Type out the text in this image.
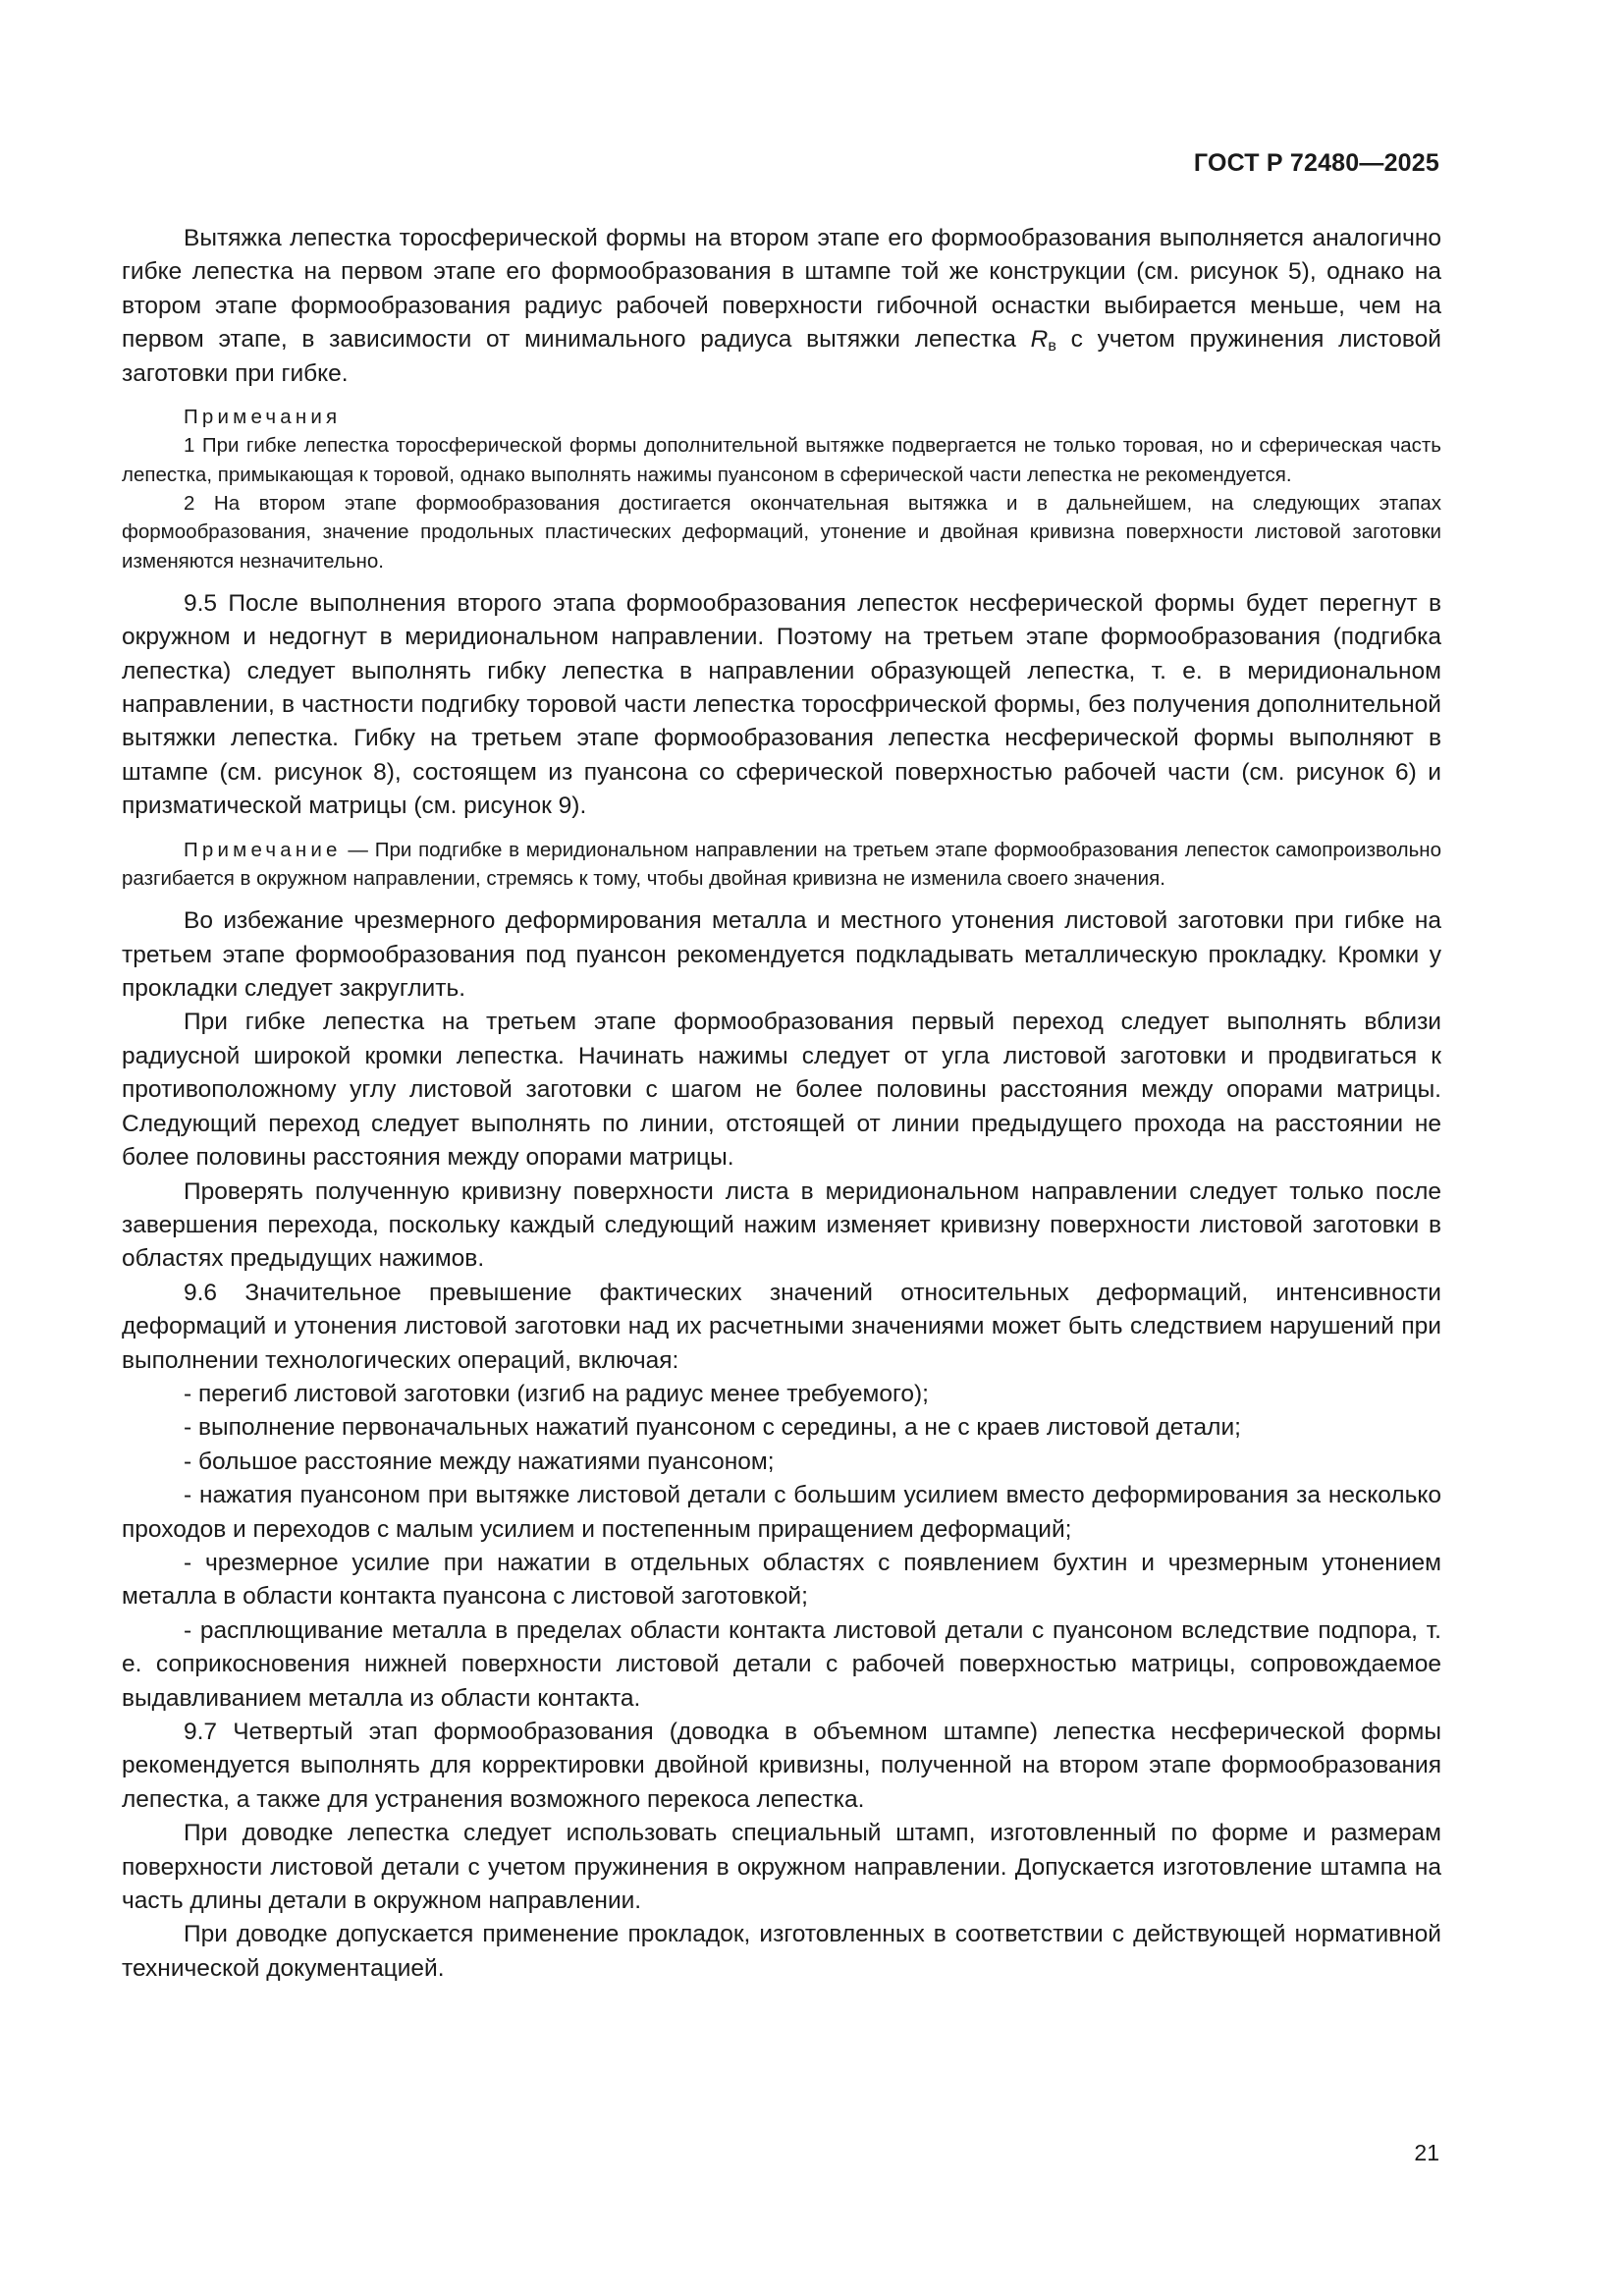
ГОСТ Р 72480—2025

Вытяжка лепестка торосферической формы на втором этапе его формообразования выполняется аналогично гибке лепестка на первом этапе его формообразования в штампе той же конструкции (см. рисунок 5), однако на втором этапе формообразования радиус рабочей поверхности гибочной оснастки выбирается меньше, чем на первом этапе, в зависимости от минимального радиуса вытяжки лепестка $R_в$ с учетом пружинения листовой заготовки при гибке.

Примечания

1 При гибке лепестка торосферической формы дополнительной вытяжке подвергается не только торовая, но и сферическая часть лепестка, примыкающая к торовой, однако выполнять нажимы пуансоном в сферической части лепестка не рекомендуется.

2 На втором этапе формообразования достигается окончательная вытяжка и в дальнейшем, на следующих этапах формообразования, значение продольных пластических деформаций, утонение и двойная кривизна поверхности листовой заготовки изменяются незначительно.

9.5 После выполнения второго этапа формообразования лепесток несферической формы будет перегнут в окружном и недогнут в меридиональном направлении. Поэтому на третьем этапе формообразования (подгибка лепестка) следует выполнять гибку лепестка в направлении образующей лепестка, т. е. в меридиональном направлении, в частности подгибку торовой части лепестка торосфрической формы, без получения дополнительной вытяжки лепестка. Гибку на третьем этапе формообразования лепестка несферической формы выполняют в штампе (см. рисунок 8), состоящем из пуансона со сферической поверхностью рабочей части (см. рисунок 6) и призматической матрицы (см. рисунок 9).

Примечание — При подгибке в меридиональном направлении на третьем этапе формообразования лепесток самопроизвольно разгибается в окружном направлении, стремясь к тому, чтобы двойная кривизна не изменила своего значения.

Во избежание чрезмерного деформирования металла и местного утонения листовой заготовки при гибке на третьем этапе формообразования под пуансон рекомендуется подкладывать металлическую прокладку. Кромки у прокладки следует закруглить.

При гибке лепестка на третьем этапе формообразования первый переход следует выполнять вблизи радиусной широкой кромки лепестка. Начинать нажимы следует от угла листовой заготовки и продвигаться к противоположному углу листовой заготовки с шагом не более половины расстояния между опорами матрицы. Следующий переход следует выполнять по линии, отстоящей от линии предыдущего прохода на расстоянии не более половины расстояния между опорами матрицы.

Проверять полученную кривизну поверхности листа в меридиональном направлении следует только после завершения перехода, поскольку каждый следующий нажим изменяет кривизну поверхности листовой заготовки в областях предыдущих нажимов.

9.6 Значительное превышение фактических значений относительных деформаций, интенсивности деформаций и утонения листовой заготовки над их расчетными значениями может быть следствием нарушений при выполнении технологических операций, включая:

- перегиб листовой заготовки (изгиб на радиус менее требуемого);

- выполнение первоначальных нажатий пуансоном с середины, а не с краев листовой детали;

- большое расстояние между нажатиями пуансоном;

- нажатия пуансоном при вытяжке листовой детали с большим усилием вместо деформирования за несколько проходов и переходов с малым усилием и постепенным приращением деформаций;

- чрезмерное усилие при нажатии в отдельных областях с появлением бухтин и чрезмерным утонением металла в области контакта пуансона с листовой заготовкой;

- расплющивание металла в пределах области контакта листовой детали с пуансоном вследствие подпора, т. е. соприкосновения нижней поверхности листовой детали с рабочей поверхностью матрицы, сопровождаемое выдавливанием металла из области контакта.

9.7 Четвертый этап формообразования (доводка в объемном штампе) лепестка несферической формы рекомендуется выполнять для корректировки двойной кривизны, полученной на втором этапе формообразования лепестка, а также для устранения возможного перекоса лепестка.

При доводке лепестка следует использовать специальный штамп, изготовленный по форме и размерам поверхности листовой детали с учетом пружинения в окружном направлении. Допускается изготовление штампа на часть длины детали в окружном направлении.

При доводке допускается применение прокладок, изготовленных в соответствии с действующей нормативной технической документацией.

21
